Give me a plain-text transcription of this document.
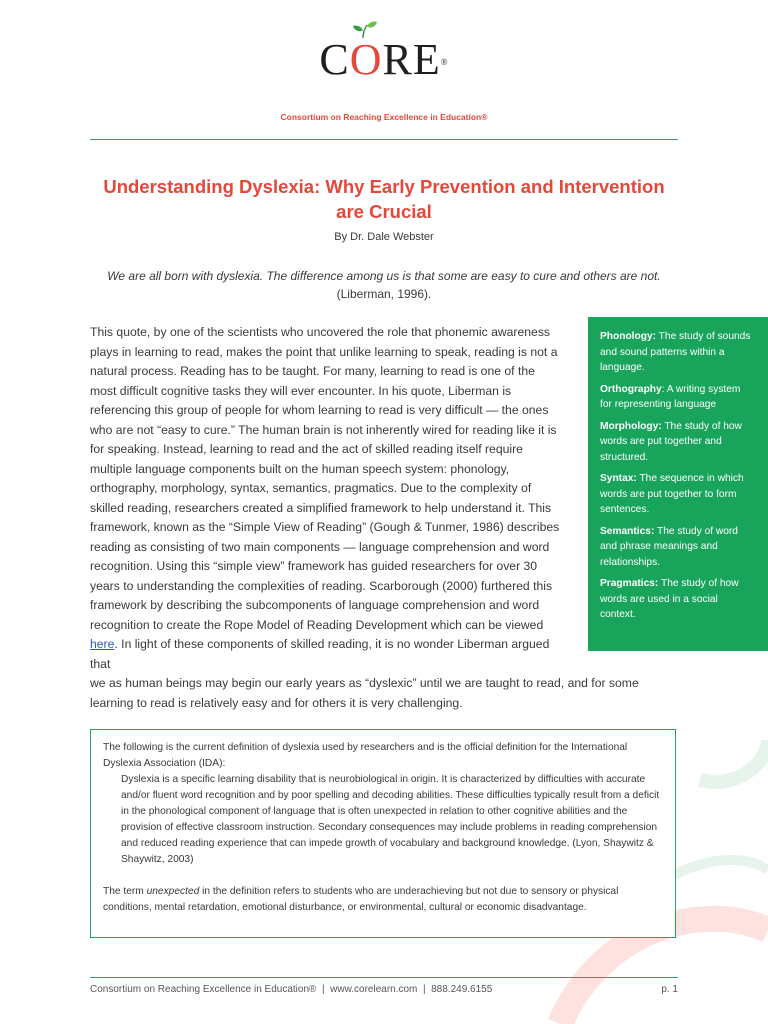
CORE®
Consortium on Reaching Excellence in Education®
Understanding Dyslexia: Why Early Prevention and Intervention are Crucial
By Dr. Dale Webster
We are all born with dyslexia. The difference among us is that some are easy to cure and others are not.
(Liberman, 1996).
This quote, by one of the scientists who uncovered the role that phonemic awareness plays in learning to read, makes the point that unlike learning to speak, reading is not a natural process. Reading has to be taught. For many, learning to read is one of the most difficult cognitive tasks they will ever encounter. In his quote, Liberman is referencing this group of people for whom learning to read is very difficult — the ones who are not “easy to cure.” The human brain is not inherently wired for reading like it is for speaking. Instead, learning to read and the act of skilled reading itself require multiple language components built on the human speech system: phonology, orthography, morphology, syntax, semantics, pragmatics. Due to the complexity of skilled reading, researchers created a simplified framework to help understand it. This framework, known as the “Simple View of Reading” (Gough & Tunmer, 1986) describes reading as consisting of two main components — language comprehension and word recognition. Using this “simple view” framework has guided researchers for over 30 years to understanding the complexities of reading. Scarborough (2000) furthered this framework by describing the subcomponents of language comprehension and word recognition to create the Rope Model of Reading Development which can be viewed here. In light of these components of skilled reading, it is no wonder Liberman argued that
we as human beings may begin our early years as “dyslexic” until we are taught to read, and for some learning to read is relatively easy and for others it is very challenging.
Phonology: The study of sounds and sound patterns within a language.
Orthography: A writing system for representing language
Morphology: The study of how words are put together and structured.
Syntax: The sequence in which words are put together to form sentences.
Semantics: The study of word and phrase meanings and relationships.
Pragmatics: The study of how words are used in a social context.
The following is the current definition of dyslexia used by researchers and is the official definition for the International Dyslexia Association (IDA):
Dyslexia is a specific learning disability that is neurobiological in origin. It is characterized by difficulties with accurate and/or fluent word recognition and by poor spelling and decoding abilities. These difficulties typically result from a deficit in the phonological component of language that is often unexpected in relation to other cognitive abilities and the provision of effective classroom instruction. Secondary consequences may include problems in reading comprehension and reduced reading experience that can impede growth of vocabulary and background knowledge. (Lyon, Shaywitz & Shaywitz, 2003)
The term unexpected in the definition refers to students who are underachieving but not due to sensory or physical conditions, mental retardation, emotional disturbance, or environmental, cultural or economic disadvantage.
Consortium on Reaching Excellence in Education® | www.corelearn.com | 888.249.6155	p. 1
